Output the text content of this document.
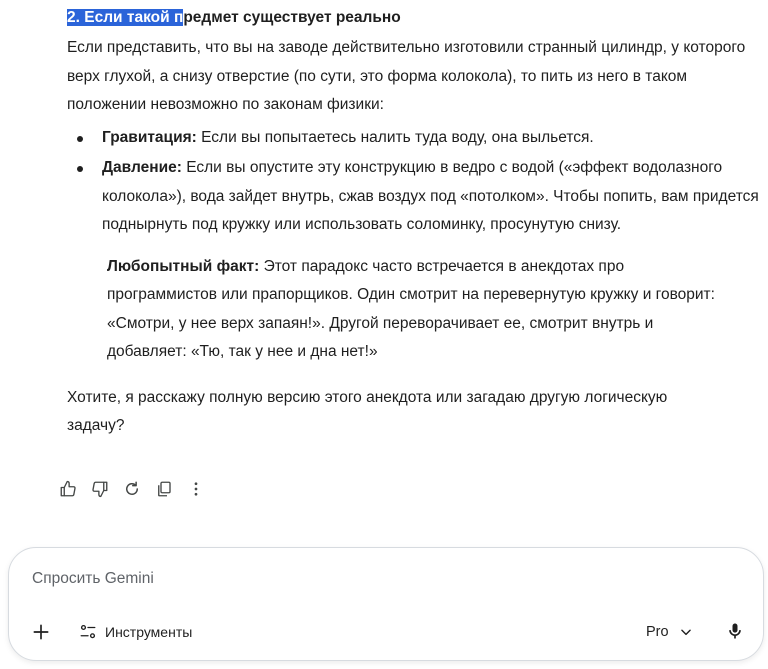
2. Если такой предмет существует реально

Если представить, что вы на заводе действительно изготовили странный цилиндр, у которого верх глухой, а снизу отверстие (по сути, это форма колокола), то пить из него в таком положении невозможно по законам физики:

Гравитация: Если вы попытаетесь налить туда воду, она выльется.
Давление: Если вы опустите эту конструкцию в ведро с водой («эффект водолазного колокола»), вода зайдет внутрь, сжав воздух под «потолком». Чтобы попить, вам придется поднырнуть под кружку или использовать соломинку, просунутую снизу.

Любопытный факт: Этот парадокс часто встречается в анекдотах про программистов или прапорщиков. Один смотрит на перевернутую кружку и говорит: «Смотри, у нее верх запаян!». Другой переворачивает ее, смотрит внутрь и добавляет: «Тю, так у нее и дна нет!»

Хотите, я расскажу полную версию этого анекдота или загадаю другую логическую задачу?

Спросить Gemini
Инструменты	Pro
